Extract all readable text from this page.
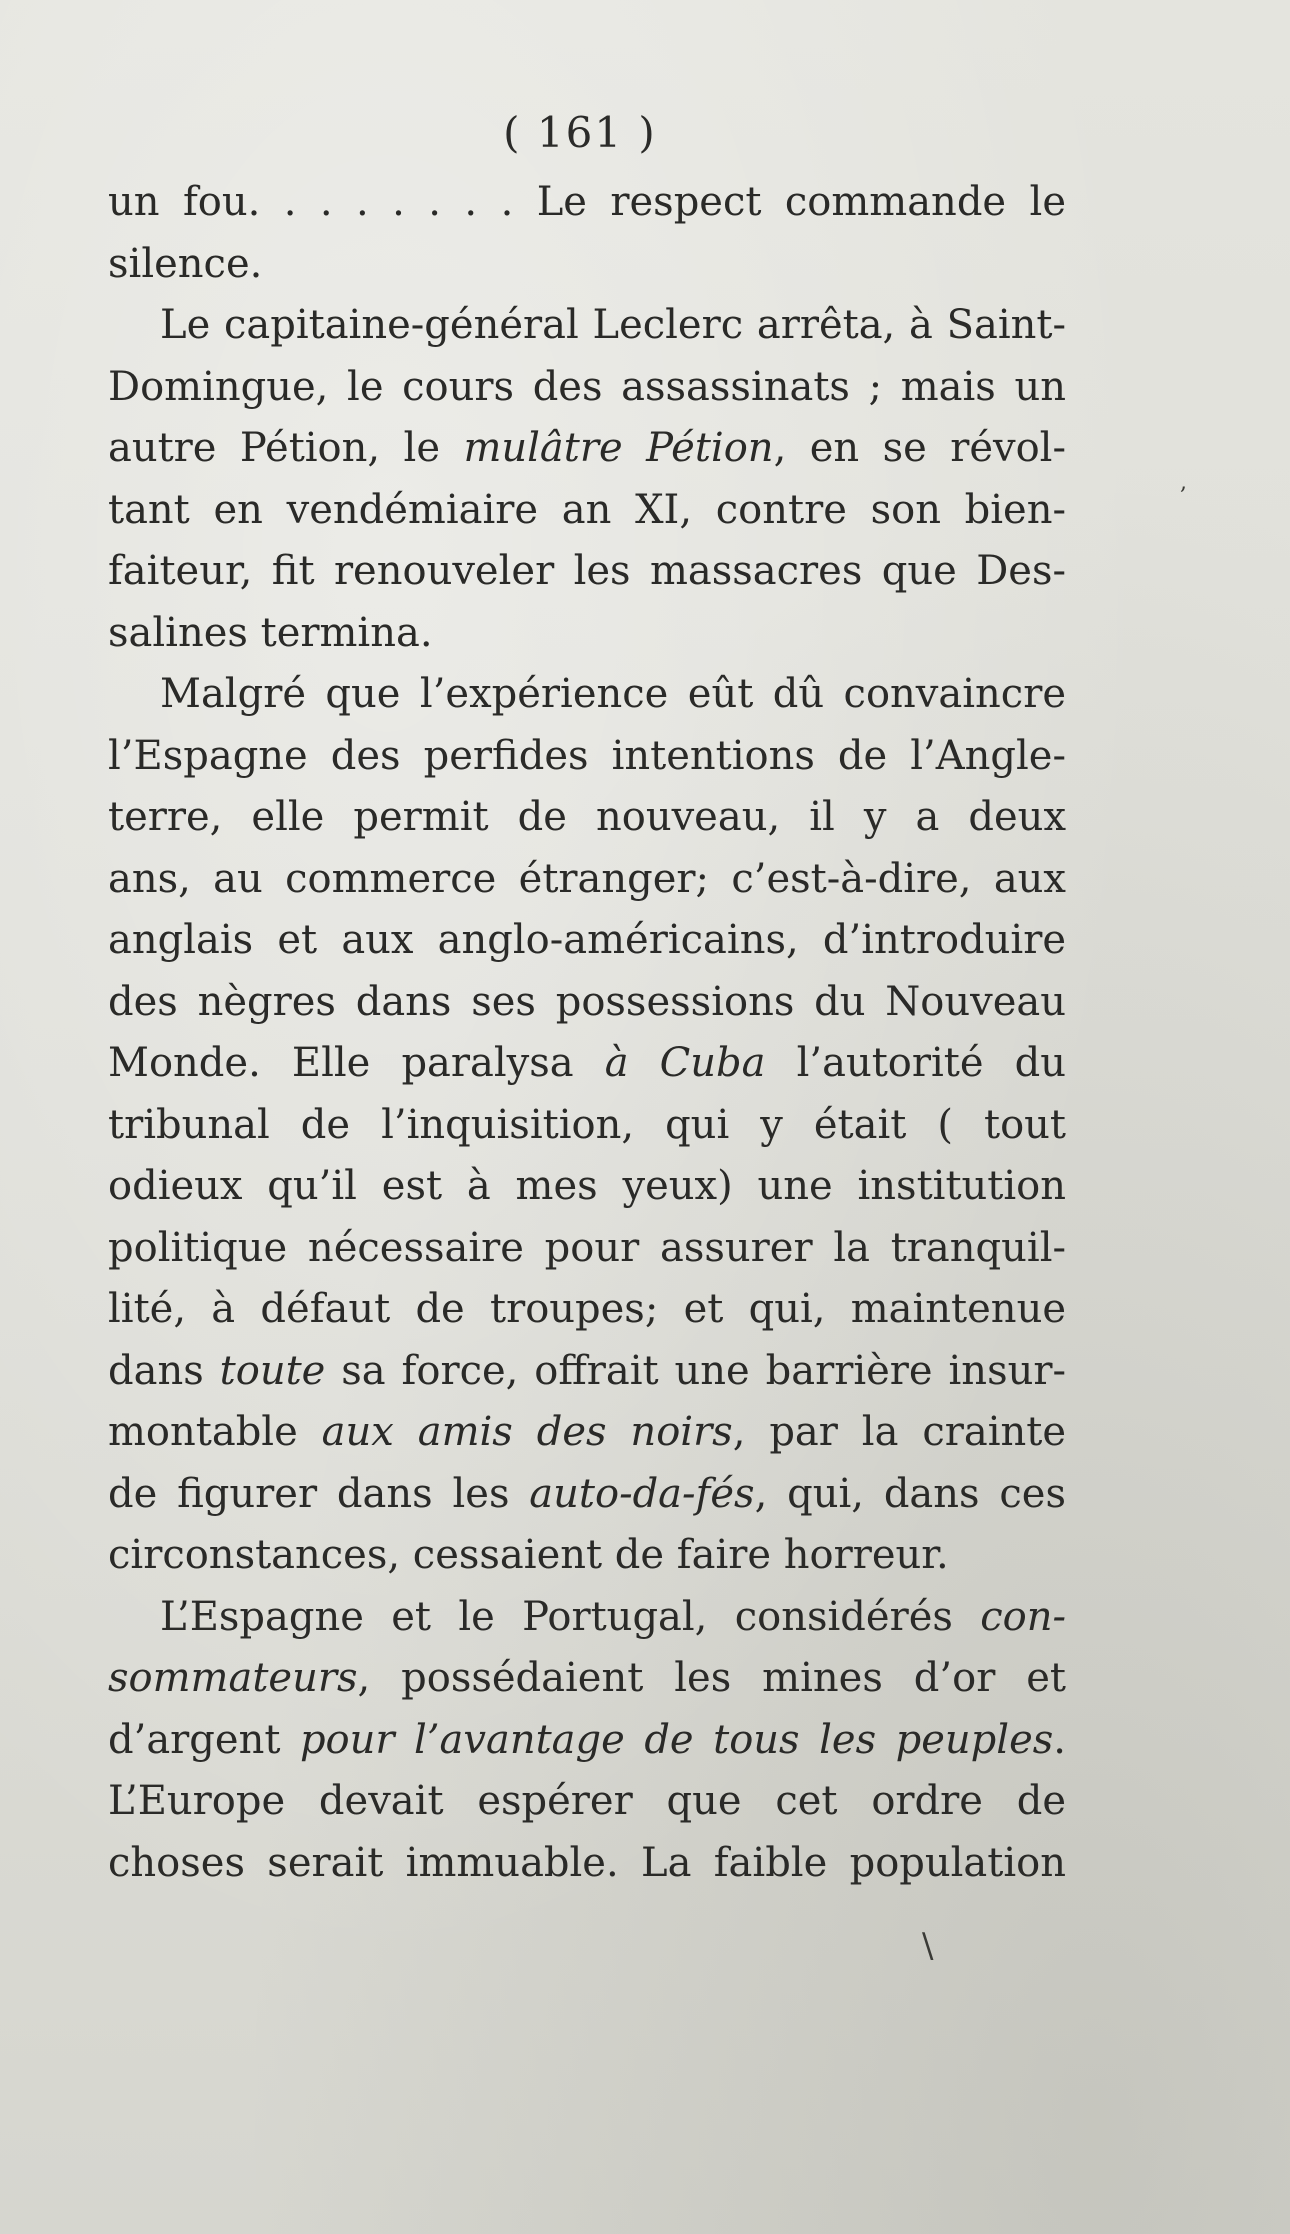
\
,
( 161 )
un fou. . . . . . . . Le respect commande le
silence.
Le capitaine-général Leclerc arrêta, à Saint-
Domingue, le cours des assassinats ; mais un
autre Pétion, le mulâtre Pétion, en se révol-
tant en vendémiaire an XI, contre son bien-
faiteur, fit renouveler les massacres que Des-
salines termina.
Malgré que l’expérience eût dû convaincre
l’Espagne des perfides intentions de l’Angle-
terre, elle permit de nouveau, il y a deux
ans, au commerce étranger; c’est-à-dire, aux
anglais et aux anglo-américains, d’introduire
des nègres dans ses possessions du Nouveau
Monde. Elle paralysa à Cuba l’autorité du
tribunal de l’inquisition, qui y était ( tout
odieux qu’il est à mes yeux) une institution
politique nécessaire pour assurer la tranquil-
lité, à défaut de troupes; et qui, maintenue
dans toute sa force, offrait une barrière insur-
montable aux amis des noirs, par la crainte
de figurer dans les auto-da-fés, qui, dans ces
circonstances, cessaient de faire horreur.
L’Espagne et le Portugal, considérés con-
sommateurs, possédaient les mines d’or et
d’argent pour l’avantage de tous les peuples.
L’Europe devait espérer que cet ordre de
choses serait immuable. La faible population
